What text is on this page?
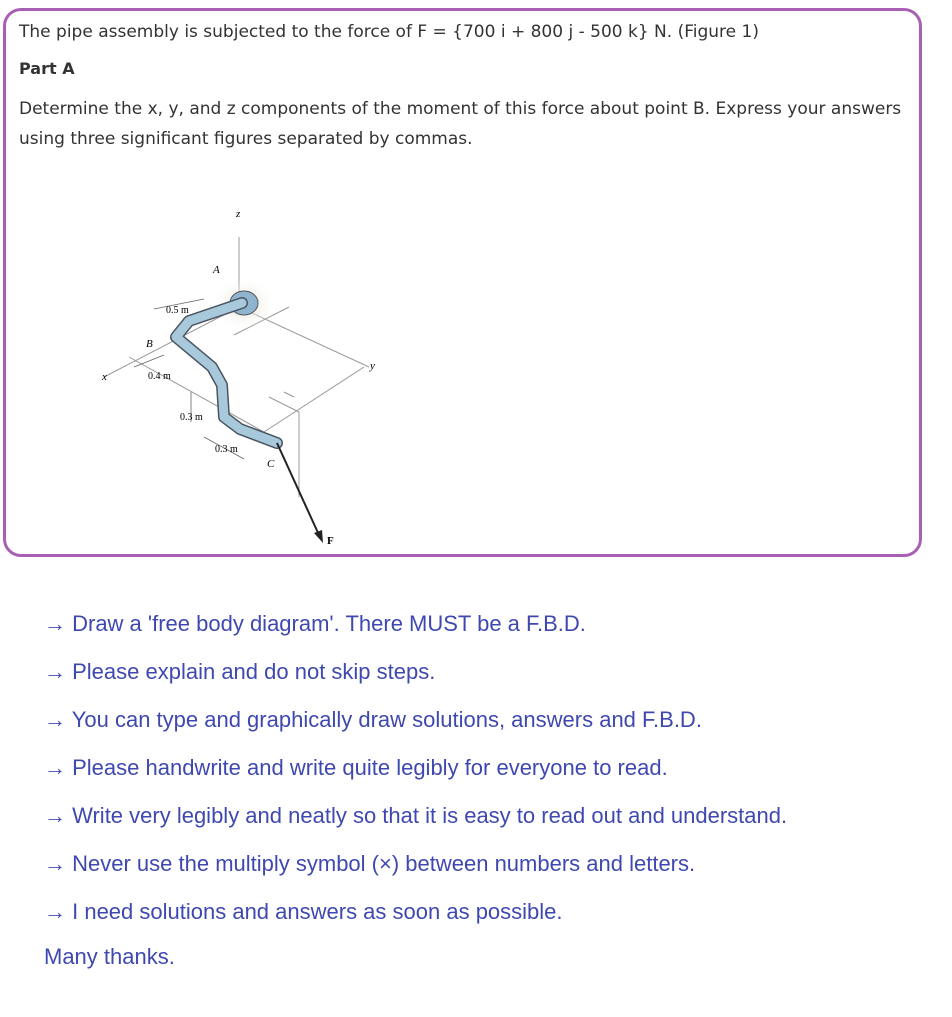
The pipe assembly is subjected to the force of F = {700 i + 800 j - 500 k} N. (Figure 1)

Part A

Determine the x, y, and z components of the moment of this force about point B. Express your answers using three significant figures separated by commas.

z
A
0.5 m
B
x	0.4 m
y
0.3 m
0.3 m
C
F
→ Draw a 'free body diagram'. There MUST be a F.B.D.
→ Please explain and do not skip steps.
→ You can type and graphically draw solutions, answers and F.B.D.
→ Please handwrite and write quite legibly for everyone to read.
→ Write very legibly and neatly so that it is easy to read out and understand.
→ Never use the multiply symbol (×) between numbers and letters.
→ I need solutions and answers as soon as possible.

Many thanks.
